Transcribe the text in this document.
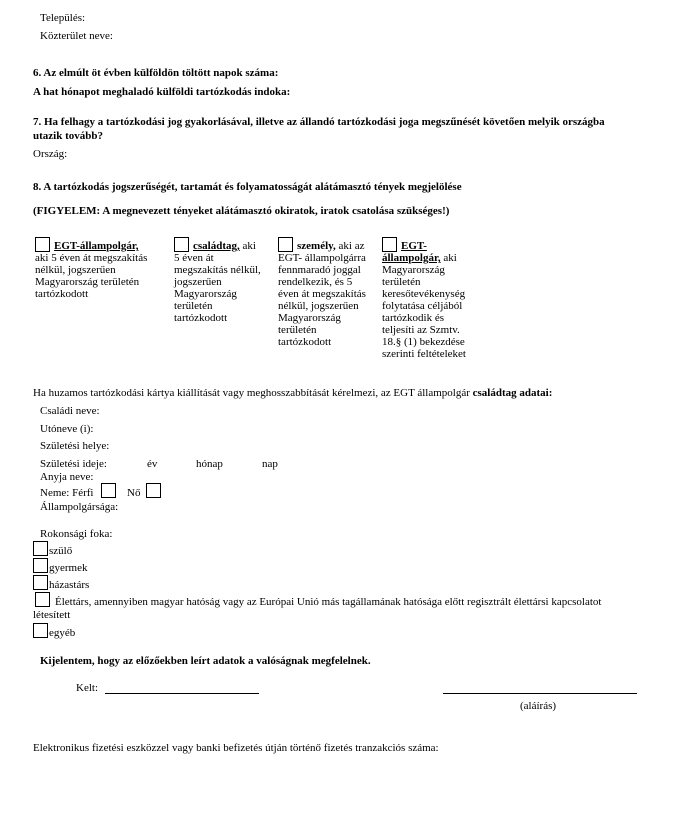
Település:
Közterület neve:
6. Az elmúlt öt évben külföldön töltött napok száma:
A hat hónapot meghaladó külföldi tartózkodás indoka:
7. Ha felhagy a tartózkodási jog gyakorlásával, illetve az állandó tartózkodási joga megszűnését követően melyik országba
utazik tovább?
Ország:
8. A tartózkodás jogszerűségét, tartamát és folyamatosságát alátámasztó tények megjelölése
(FIGYELEM: A megnevezett tényeket alátámasztó okiratok, iratok csatolása szükséges!)
EGT-állampolgár,
aki 5 éven át megszakítás
nélkül, jogszerűen
Magyarország területén
tartózkodott
családtag, aki
5 éven át
megszakítás nélkül,
jogszerűen
Magyarország
területén
tartózkodott
személy, aki az
EGT- állampolgárra
fennmaradó joggal
rendelkezik, és 5
éven át megszakítás
nélkül, jogszerűen
Magyarország
területén
tartózkodott
EGT-
állampolgár, aki
Magyarország
területén
keresőtevékenység
folytatása céljából
tartózkodik és
teljesíti az Szmtv.
18.§ (1) bekezdése
szerinti feltételeket
Ha huzamos tartózkodási kártya kiállítását vagy meghosszabbítását kérelmezi, az EGT állampolgár családtag adatai:
Családi neve:
Utóneve (i):
Születési helye:
Születési ideje:	év	hónap	nap
Anyja neve:
Neme: Férfi	Nő
Állampolgársága:
Rokonsági foka:
szülő
gyermek
házastárs
Élettárs, amennyiben magyar hatóság vagy az Európai Unió más tagállamának hatósága előtt regisztrált élettársi kapcsolatot
létesített
egyéb
Kijelentem, hogy az előzőekben leírt adatok a valóságnak megfelelnek.
Kelt:
(aláírás)
Elektronikus fizetési eszközzel vagy banki befizetés útján történő fizetés tranzakciós száma:
